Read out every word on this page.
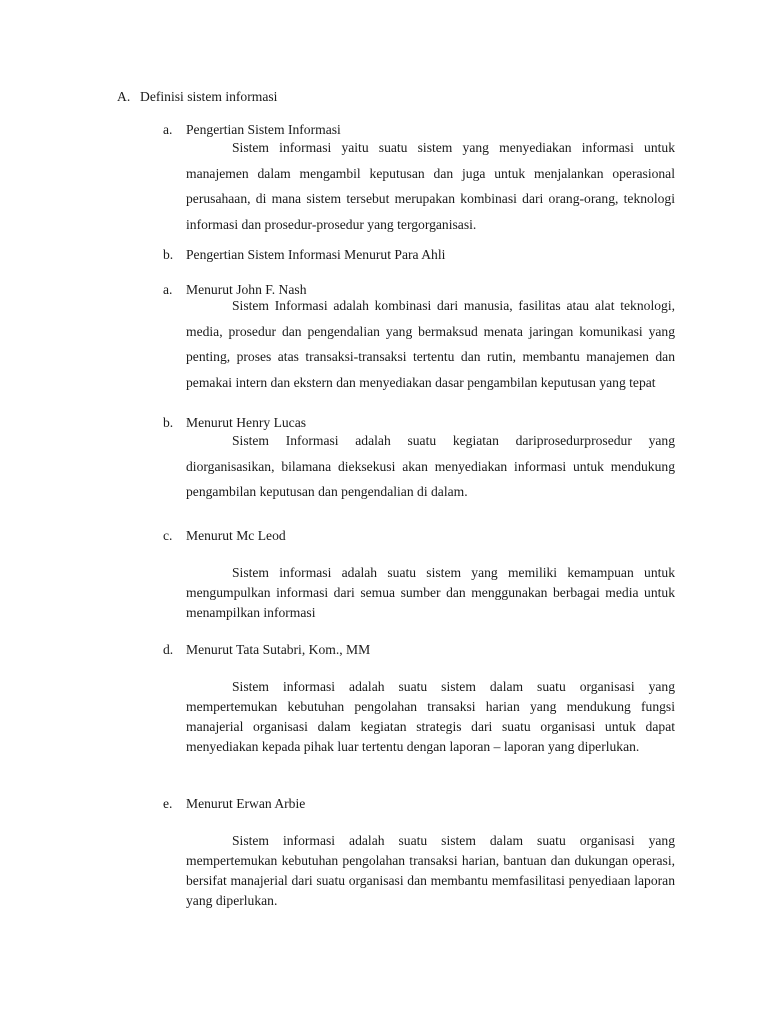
A. Definisi sistem informasi
a. Pengertian Sistem Informasi

Sistem informasi yaitu suatu sistem yang menyediakan informasi untuk manajemen dalam mengambil keputusan dan juga untuk menjalankan operasional perusahaan, di mana sistem tersebut merupakan kombinasi dari orang-orang, teknologi informasi dan prosedur-prosedur yang tergorganisasi.

b. Pengertian Sistem Informasi Menurut Para Ahli
a. Menurut John F. Nash

Sistem Informasi adalah kombinasi dari manusia, fasilitas atau alat teknologi, media, prosedur dan pengendalian yang bermaksud menata jaringan komunikasi yang penting, proses atas transaksi-transaksi tertentu dan rutin, membantu manajemen dan pemakai intern dan ekstern dan menyediakan dasar pengambilan keputusan yang tepat

b. Menurut Henry Lucas

Sistem Informasi adalah suatu kegiatan dariprosedurprosedur yang diorganisasikan, bilamana dieksekusi akan menyediakan informasi untuk mendukung pengambilan keputusan dan pengendalian di dalam.

c. Menurut Mc Leod

Sistem informasi adalah suatu sistem yang memiliki kemampuan untuk mengumpulkan informasi dari semua sumber dan menggunakan berbagai media untuk menampilkan informasi

d. Menurut Tata Sutabri, Kom., MM

Sistem informasi adalah suatu sistem dalam suatu organisasi yang mempertemukan kebutuhan pengolahan transaksi harian yang mendukung fungsi manajerial organisasi dalam kegiatan strategis dari suatu organisasi untuk dapat menyediakan kepada pihak luar tertentu dengan laporan – laporan yang diperlukan.

e. Menurut Erwan Arbie

Sistem informasi adalah suatu sistem dalam suatu organisasi yang mempertemukan kebutuhan pengolahan transaksi harian, bantuan dan dukungan operasi, bersifat manajerial dari suatu organisasi dan membantu memfasilitasi penyediaan laporan yang diperlukan.
